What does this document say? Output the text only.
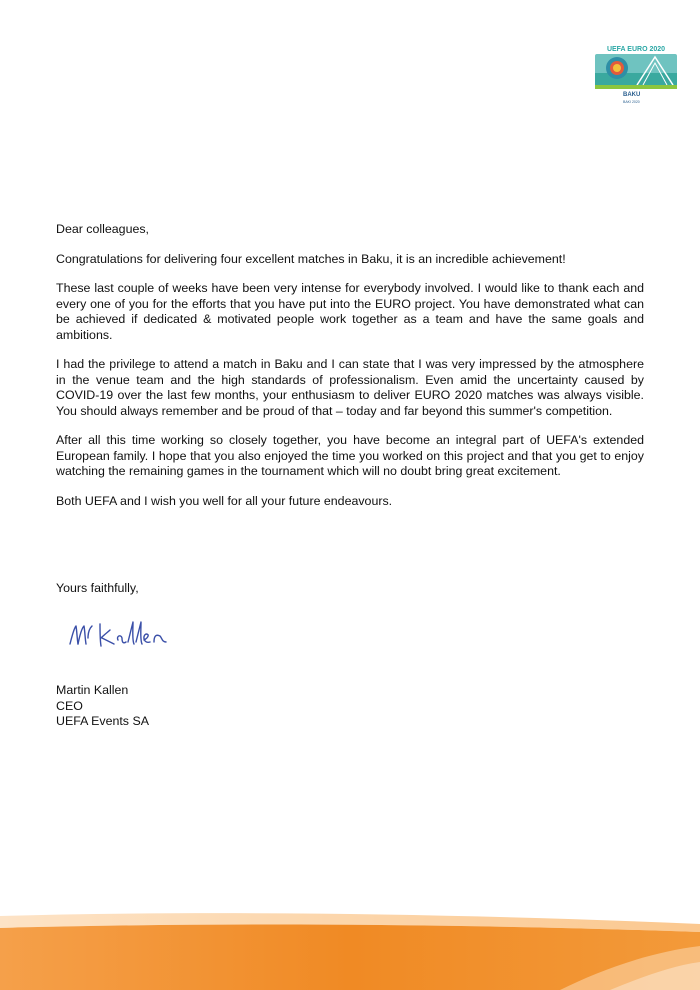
UEFA EURO 2020
BAKU
BAKI 2020

Dear colleagues,

Congratulations for delivering four excellent matches in Baku, it is an incredible achievement!

These last couple of weeks have been very intense for everybody involved. I would like to thank each and every one of you for the efforts that you have put into the EURO project. You have demonstrated what can be achieved if dedicated & motivated people work together as a team and have the same goals and ambitions.

I had the privilege to attend a match in Baku and I can state that I was very impressed by the atmosphere in the venue team and the high standards of professionalism. Even amid the uncertainty caused by COVID-19 over the last few months, your enthusiasm to deliver EURO 2020 matches was always visible. You should always remember and be proud of that – today and far beyond this summer's competition.

After all this time working so closely together, you have become an integral part of UEFA's extended European family. I hope that you also enjoyed the time you worked on this project and that you get to enjoy watching the remaining games in the tournament which will no doubt bring great excitement.

Both UEFA and I wish you well for all your future endeavours.

Yours faithfully,
Martin Kallen
CEO
UEFA Events SA
